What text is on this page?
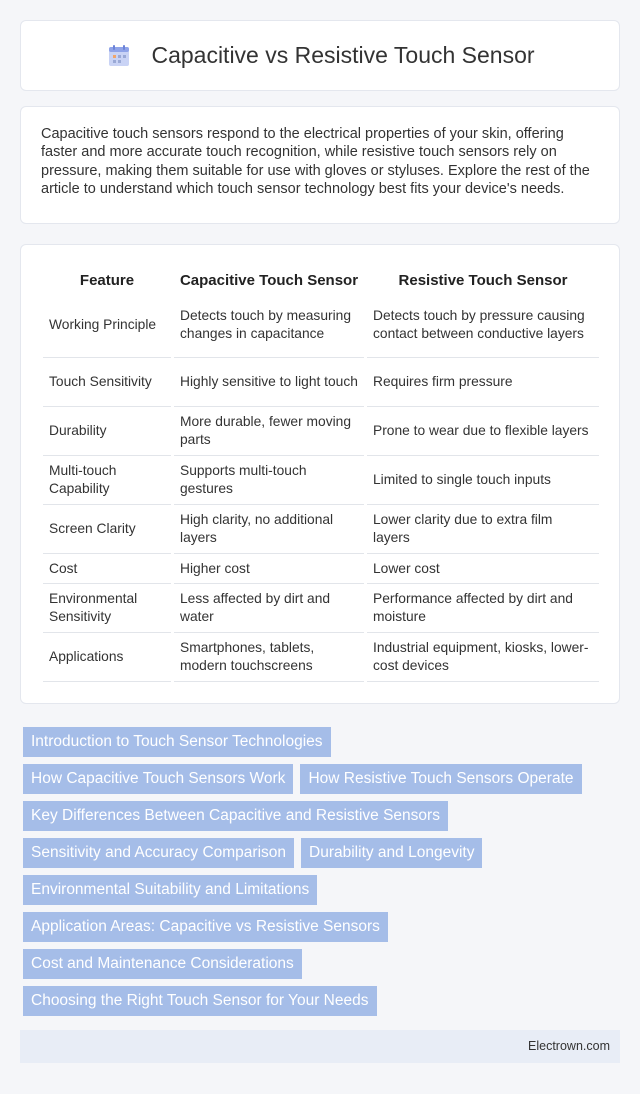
Capacitive vs Resistive Touch Sensor

Capacitive touch sensors respond to the electrical properties of your skin, offering faster and more accurate touch recognition, while resistive touch sensors rely on pressure, making them suitable for use with gloves or styluses. Explore the rest of the article to understand which touch sensor technology best fits your device's needs.

Feature		Capacitive Touch Sensor		Resistive Touch Sensor
Working Principle		Detects touch by measuring changes in capacitance		Detects touch by pressure causing contact between conductive layers
Touch Sensitivity		Highly sensitive to light touch		Requires firm pressure
Durability		More durable, fewer moving parts		Prone to wear due to flexible layers
Multi-touch Capability		Supports multi-touch gestures		Limited to single touch inputs
Screen Clarity		High clarity, no additional layers		Lower clarity due to extra film layers
Cost		Higher cost		Lower cost
Environmental Sensitivity		Less affected by dirt and water		Performance affected by dirt and moisture
Applications		Smartphones, tablets, modern touchscreens		Industrial equipment, kiosks, lower-cost devices
Introduction to Touch Sensor Technologies
How Capacitive Touch Sensors Work	How Resistive Touch Sensors Operate
Key Differences Between Capacitive and Resistive Sensors
Sensitivity and Accuracy Comparison	Durability and Longevity
Environmental Suitability and Limitations
Application Areas: Capacitive vs Resistive Sensors
Cost and Maintenance Considerations
Choosing the Right Touch Sensor for Your Needs
Electrown.com
